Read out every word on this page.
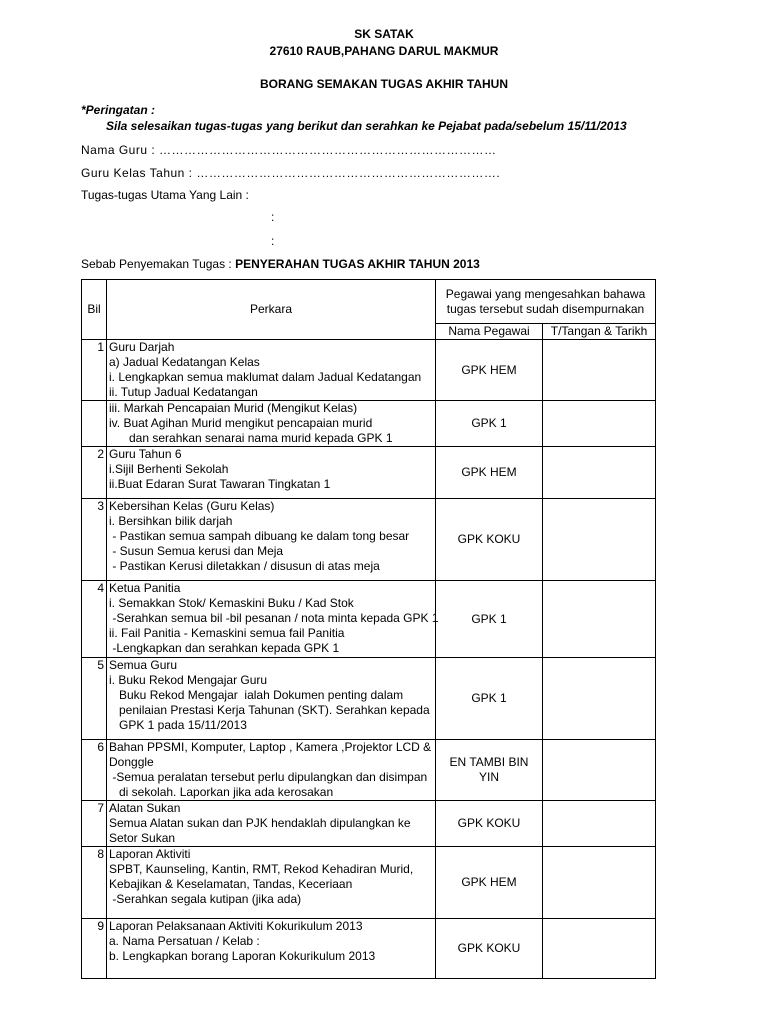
SK SATAK
27610 RAUB,PAHANG DARUL MAKMUR
BORANG SEMAKAN TUGAS AKHIR TAHUN
*Peringatan :
Sila selesaikan tugas-tugas yang berikut dan serahkan ke Pejabat pada/sebelum 15/11/2013
Nama Guru : ………………………………………………………………………
Guru Kelas Tahun : ……………………………………………………………….
Tugas-tugas Utama Yang Lain :
:
:
Sebab Penyemakan Tugas : PENYERAHAN TUGAS AKHIR TAHUN 2013
Bil	Perkara	Pegawai yang mengesahkan bahawa
tugas tersebut sudah disempurnakan	

		Nama Pegawai	T/Tangan & Tarikh
1	Guru Darjah
a) Jadual Kedatangan Kelas
i. Lengkapkan semua maklumat dalam Jadual Kedatangan
ii. Tutup Jadual Kedatangan	GPK HEM	

	iii. Markah Pencapaian Murid (Mengikut Kelas)
iv. Buat Agihan Murid mengikut pencapaian murid
dan serahkan senarai nama murid kepada GPK 1	GPK 1	
2	Guru Tahun 6
i.Sijil Berhenti Sekolah
ii.Buat Edaran Surat Tawaran Tingkatan 1	GPK HEM	
3	Kebersihan Kelas (Guru Kelas)
i. Bersihkan bilik darjah
- Pastikan semua sampah dibuang ke dalam tong besar
- Susun Semua kerusi dan Meja
- Pastikan Kerusi diletakkan / disusun di atas meja	GPK KOKU	
4	Ketua Panitia
i. Semakkan Stok/ Kemaskini Buku / Kad Stok
-Serahkan semua bil -bil pesanan / nota minta kepada GPK 1
ii. Fail Panitia - Kemaskini semua fail Panitia
-Lengkapkan dan serahkan kepada GPK 1	GPK 1	
5	Semua Guru
i. Buku Rekod Mengajar Guru
Buku Rekod Mengajar  ialah Dokumen penting dalam
penilaian Prestasi Kerja Tahunan (SKT). Serahkan kepada
GPK 1 pada 15/11/2013	GPK 1	
6	Bahan PPSMI, Komputer, Laptop , Kamera ,Projektor LCD &
Donggle
-Semua peralatan tersebut perlu dipulangkan dan disimpan
di sekolah. Laporkan jika ada kerosakan	EN TAMBI BIN YIN	
7	Alatan Sukan
Semua Alatan sukan dan PJK hendaklah dipulangkan ke
Setor Sukan	GPK KOKU	
8	Laporan Aktiviti
SPBT, Kaunseling, Kantin, RMT, Rekod Kehadiran Murid,
Kebajikan & Keselamatan, Tandas, Keceriaan
-Serahkan segala kutipan (jika ada)	GPK HEM	
9	Laporan Pelaksanaan Aktiviti Kokurikulum 2013
a. Nama Persatuan / Kelab :
b. Lengkapkan borang Laporan Kokurikulum 2013	GPK KOKU	
